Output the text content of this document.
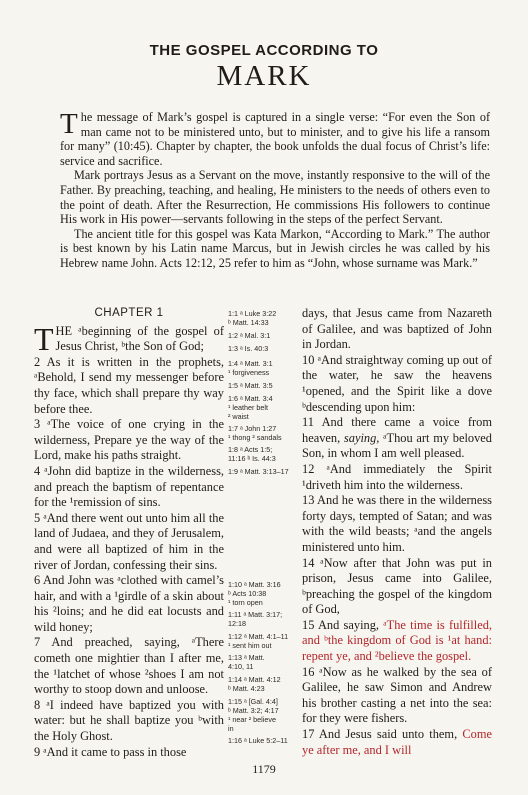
THE GOSPEL ACCORDING TO
MARK

The message of Mark’s gospel is captured in a single verse: “For even the Son of man came not to be ministered unto, but to minister, and to give his life a ransom for many” (10:45). Chapter by chapter, the book unfolds the dual focus of Christ’s life: service and sacrifice.

Mark portrays Jesus as a Servant on the move, instantly responsive to the will of the Father. By preaching, teaching, and healing, He ministers to the needs of others even to the point of death. After the Resurrection, He commissions His followers to continue His work in His power—servants following in the steps of the perfect Servant.

The ancient title for this gospel was Kata Markon, “According to Mark.” The author is best known by his Latin name Marcus, but in Jewish circles he was called by his Hebrew name John. Acts 12:12, 25 refer to him as “John, whose surname was Mark.”

CHAPTER 1

THE ᵃbeginning of the gospel of Jesus Christ, ᵇthe Son of God;

2 As it is written in the prophets, ᵃBehold, I send my messenger before thy face, which shall prepare thy way before thee.

3 ᵃThe voice of one crying in the wilderness, Prepare ye the way of the Lord, make his paths straight.

4 ᵃJohn did baptize in the wilderness, and preach the baptism of repentance for the ¹remission of sins.

5 ᵃAnd there went out unto him all the land of Judaea, and they of Jerusalem, and were all baptized of him in the river of Jordan, confessing their sins.

6 And John was ᵃclothed with camel’s hair, and with a ¹girdle of a skin about his ²loins; and he did eat locusts and wild honey;

7 And preached, saying, ᵃThere cometh one mightier than I after me, the ¹latchet of whose ²shoes I am not worthy to stoop down and unloose.

8 ᵃI indeed have baptized you with water: but he shall baptize you ᵇwith the Holy Ghost.

9 ᵃAnd it came to pass in those

1:1 ᵃ Luke 3:22
ᵇ Matt. 14:33
1:2 ᵃ Mal. 3:1
1:3 ᵃ Is. 40:3
1:4 ᵃ Matt. 3:1
¹ forgiveness
1:5 ᵃ Matt. 3:5
1:6 ᵃ Matt. 3:4
¹ leather belt
² waist
1:7 ᵃ John 1:27
¹ thong ² sandals
1:8 ᵃ Acts 1:5;
11:16 ᵇ Is. 44:3
1:9 ᵃ Matt. 3:13–17
1:10 ᵃ Matt. 3:16
ᵇ Acts 10:38
¹ torn open
1:11 ᵃ Matt. 3:17;
12:18
1:12 ᵃ Matt. 4:1–11
¹ sent him out
1:13 ᵃ Matt.
4:10, 11
1:14 ᵃ Matt. 4:12
ᵇ Matt. 4:23
1:15 ᵃ [Gal. 4:4]
ᵇ Matt. 3:2; 4:17
¹ near ² believe
in
1:16 ᵃ Luke 5:2–11

days, that Jesus came from Nazareth of Galilee, and was baptized of John in Jordan.

10 ᵃAnd straightway coming up out of the water, he saw the heavens ¹opened, and the Spirit like a dove ᵇdescending upon him:

11 And there came a voice from heaven, saying, ᵃThou art my beloved Son, in whom I am well pleased.

12 ᵃAnd immediately the Spirit ¹driveth him into the wilderness.

13 And he was there in the wilderness forty days, tempted of Satan; and was with the wild beasts; ᵃand the angels ministered unto him.

14 ᵃNow after that John was put in prison, Jesus came into Galilee, ᵇpreaching the gospel of the kingdom of God,

15 And saying, ᵃThe time is fulfilled, and ᵇthe kingdom of God is ¹at hand: repent ye, and ²believe the gospel.

16 ᵃNow as he walked by the sea of Galilee, he saw Simon and Andrew his brother casting a net into the sea: for they were fishers.

17 And Jesus said unto them, Come ye after me, and I will

1179
